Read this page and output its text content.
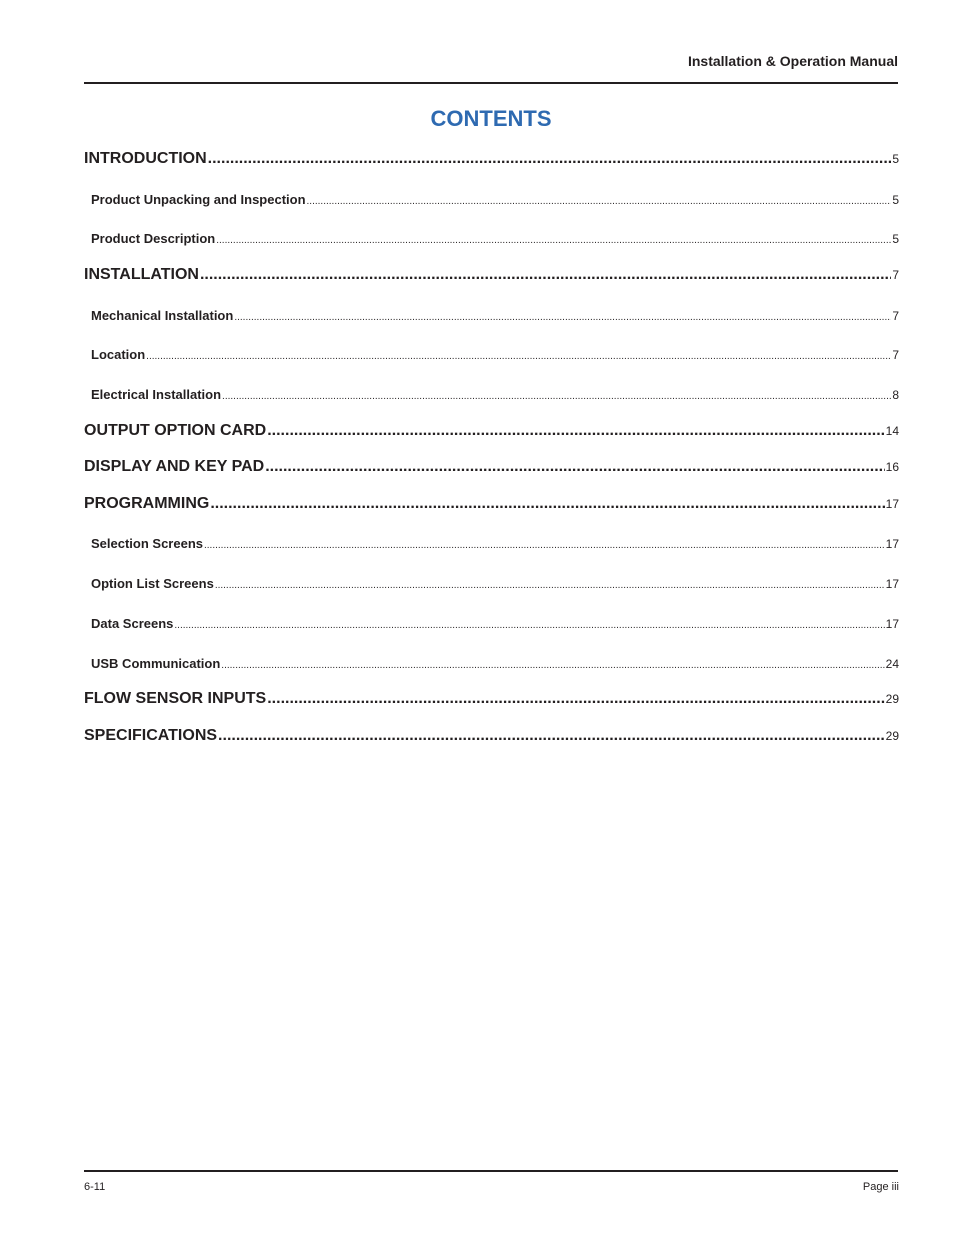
Installation & Operation Manual
CONTENTS
INTRODUCTION .....	5
Product Unpacking and Inspection .....	5
Product Description .....	5
INSTALLATION .....	7
Mechanical Installation .....	7
Location .....	7
Electrical Installation .....	8
OUTPUT OPTION CARD .....	14
DISPLAY AND KEY PAD .....	16
PROGRAMMING .....	17
Selection Screens .....	17
Option List Screens .....	17
Data Screens .....	17
USB Communication .....	24
FLOW SENSOR INPUTS .....	29
SPECIFICATIONS .....	29
6-11	Page iii
